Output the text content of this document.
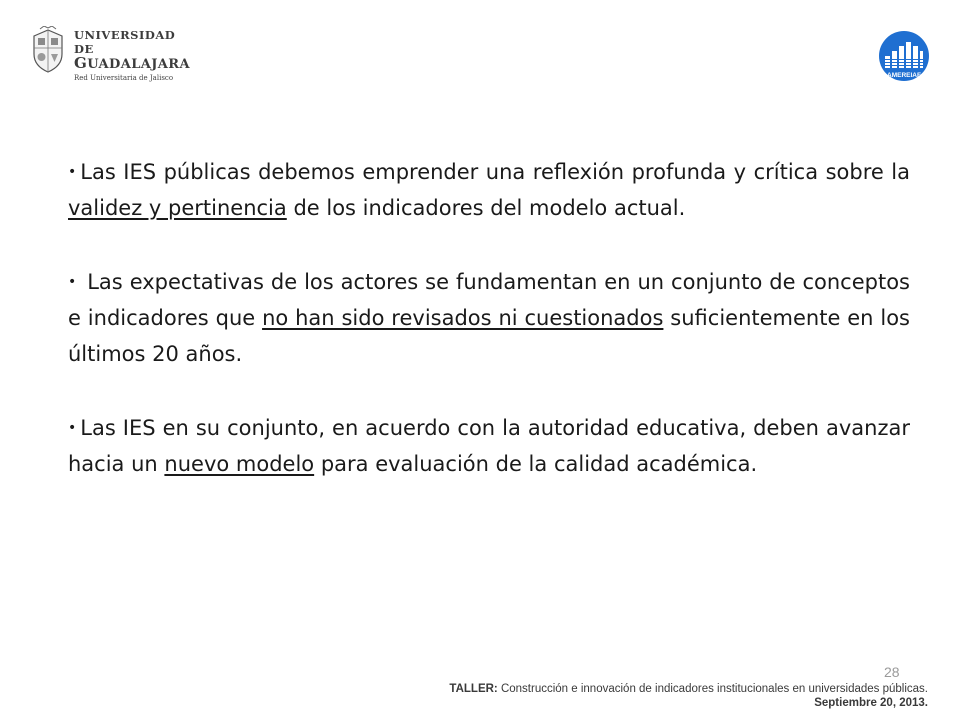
UNIVERSIDAD DE
GUADALAJARA
Red Universitaria de Jalisco	AMEREIAF

• Las IES públicas debemos emprender una reflexión profunda y crítica sobre la validez y pertinencia de los indicadores del modelo actual.

• Las expectativas de los actores se fundamentan en un conjunto de conceptos e indicadores que no han sido revisados ni cuestionados suficientemente en los últimos 20 años.

• Las IES en su conjunto, en acuerdo con la autoridad educativa, deben avanzar hacia un nuevo modelo para evaluación de la calidad académica.

28
TALLER: Construcción e innovación de indicadores institucionales en universidades públicas.
Septiembre 20, 2013.
